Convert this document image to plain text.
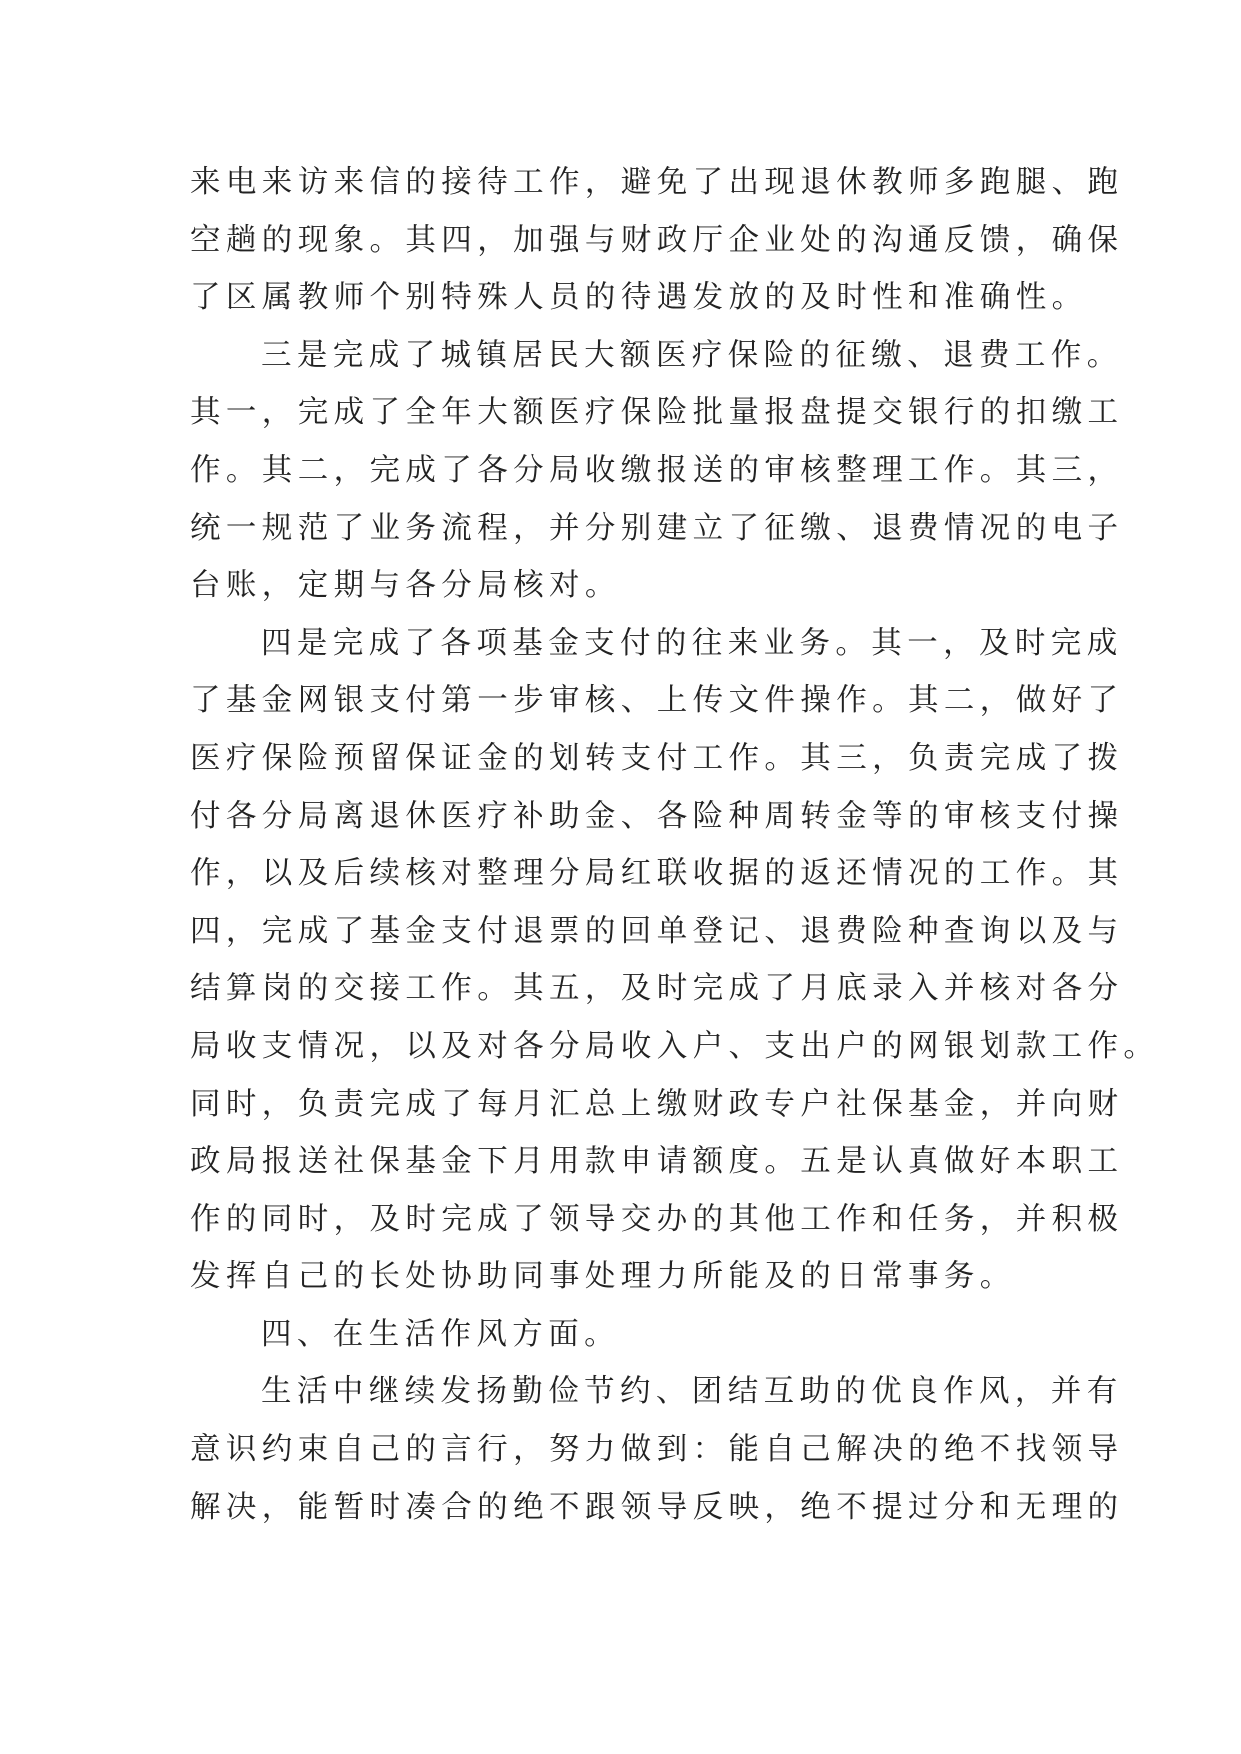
来电来访来信的接待工作，避免了出现退休教师多跑腿、跑
空趟的现象。其四，加强与财政厅企业处的沟通反馈，确保
了区属教师个别特殊人员的待遇发放的及时性和准确性。
三是完成了城镇居民大额医疗保险的征缴、退费工作。
其一，完成了全年大额医疗保险批量报盘提交银行的扣缴工
作。其二，完成了各分局收缴报送的审核整理工作。其三，
统一规范了业务流程，并分别建立了征缴、退费情况的电子
台账，定期与各分局核对。
四是完成了各项基金支付的往来业务。其一，及时完成
了基金网银支付第一步审核、上传文件操作。其二，做好了
医疗保险预留保证金的划转支付工作。其三，负责完成了拨
付各分局离退休医疗补助金、各险种周转金等的审核支付操
作，以及后续核对整理分局红联收据的返还情况的工作。其
四，完成了基金支付退票的回单登记、退费险种查询以及与
结算岗的交接工作。其五，及时完成了月底录入并核对各分
局收支情况，以及对各分局收入户、支出户的网银划款工作。
同时，负责完成了每月汇总上缴财政专户社保基金，并向财
政局报送社保基金下月用款申请额度。五是认真做好本职工
作的同时，及时完成了领导交办的其他工作和任务，并积极
发挥自己的长处协助同事处理力所能及的日常事务。
四、在生活作风方面。
生活中继续发扬勤俭节约、团结互助的优良作风，并有
意识约束自己的言行，努力做到：能自己解决的绝不找领导
解决，能暂时凑合的绝不跟领导反映，绝不提过分和无理的
